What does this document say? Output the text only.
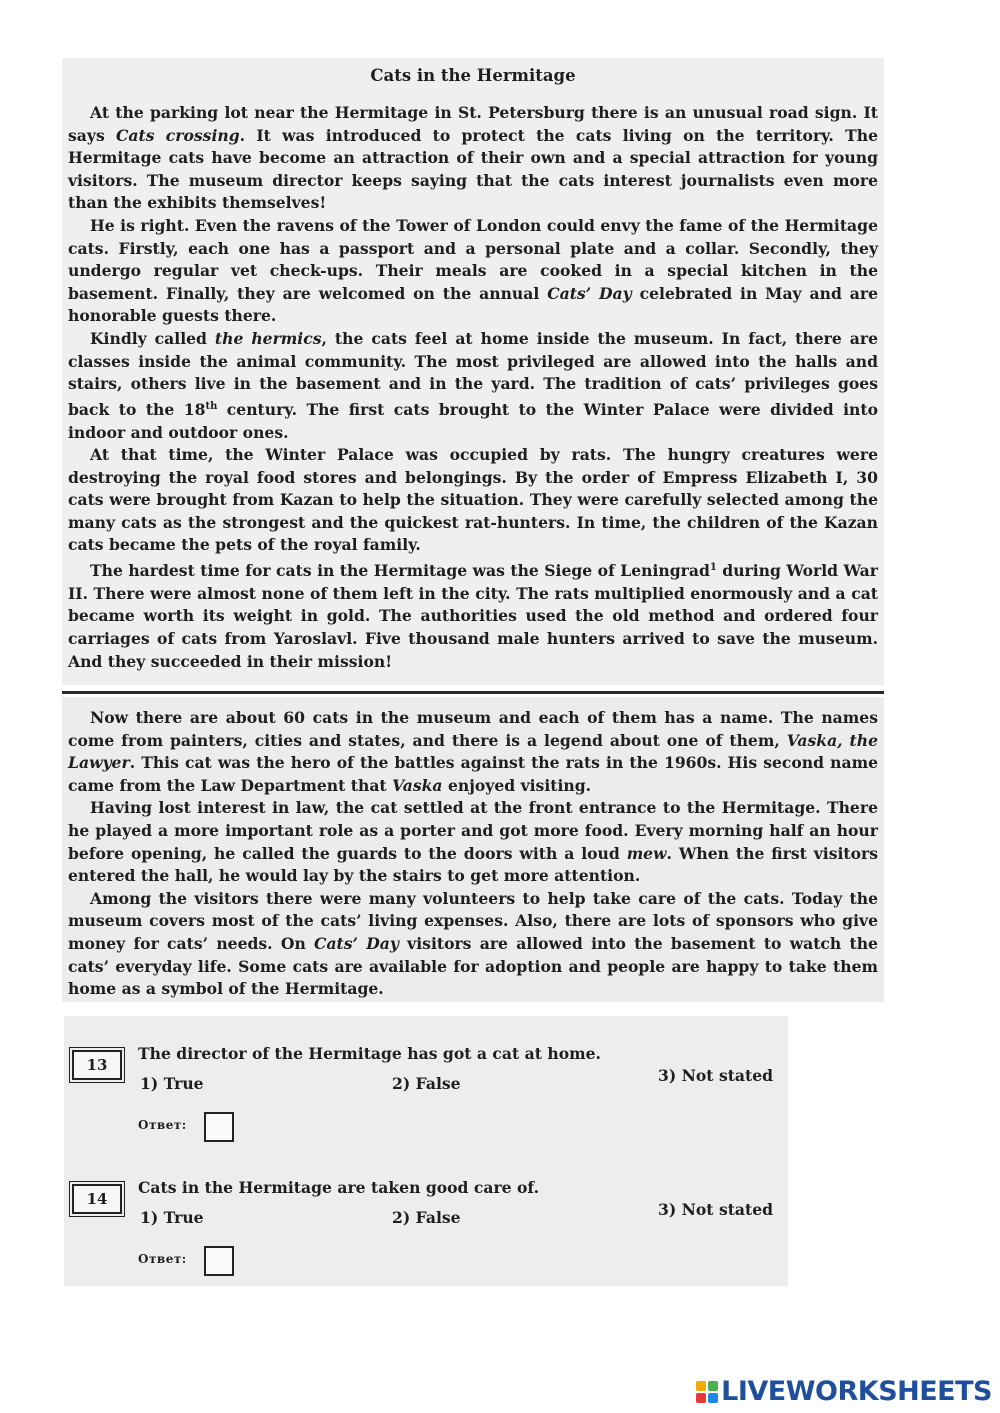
Cats in the Hermitage

At the parking lot near the Hermitage in St. Petersburg there is an unusual road sign. It says Cats crossing. It was introduced to protect the cats living on the territory. The Hermitage cats have become an attraction of their own and a special attraction for young visitors. The museum director keeps saying that the cats interest journalists even more than the exhibits themselves!

He is right. Even the ravens of the Tower of London could envy the fame of the Hermitage cats. Firstly, each one has a passport and a personal plate and a collar. Secondly, they undergo regular vet check-ups. Their meals are cooked in a special kitchen in the basement. Finally, they are welcomed on the annual Cats’ Day celebrated in May and are honorable guests there.

Kindly called the hermics, the cats feel at home inside the museum. In fact, there are classes inside the animal community. The most privileged are allowed into the halls and stairs, others live in the basement and in the yard. The tradition of cats’ privileges goes back to the 18th century. The first cats brought to the Winter Palace were divided into indoor and outdoor ones.

At that time, the Winter Palace was occupied by rats. The hungry creatures were destroying the royal food stores and belongings. By the order of Empress Elizabeth I, 30 cats were brought from Kazan to help the situation. They were carefully selected among the many cats as the strongest and the quickest rat-hunters. In time, the children of the Kazan cats became the pets of the royal family.

The hardest time for cats in the Hermitage was the Siege of Leningrad$^1$ during World War II. There were almost none of them left in the city. The rats multiplied enormously and a cat became worth its weight in gold. The authorities used the old method and ordered four carriages of cats from Yaroslavl. Five thousand male hunters arrived to save the museum. And they succeeded in their mission!

Now there are about 60 cats in the museum and each of them has a name. The names come from painters, cities and states, and there is a legend about one of them, Vaska, the Lawyer. This cat was the hero of the battles against the rats in the 1960s. His second name came from the Law Department that Vaska enjoyed visiting.

Having lost interest in law, the cat settled at the front entrance to the Hermitage. There he played a more important role as a porter and got more food. Every morning half an hour before opening, he called the guards to the doors with a loud mew. When the first visitors entered the hall, he would lay by the stairs to get more attention.

Among the visitors there were many volunteers to help take care of the cats. Today the museum covers most of the cats’ living expenses. Also, there are lots of sponsors who give money for cats’ needs. On Cats’ Day visitors are allowed into the basement to watch the cats’ everyday life. Some cats are available for adoption and people are happy to take them home as a symbol of the Hermitage.

13
The director of the Hermitage has got a cat at home.
1) True	2) False	3) Not stated
Ответ:
14
Cats in the Hermitage are taken good care of.
1) True	2) False	3) Not stated
Ответ:
LIVEWORKSHEETS
